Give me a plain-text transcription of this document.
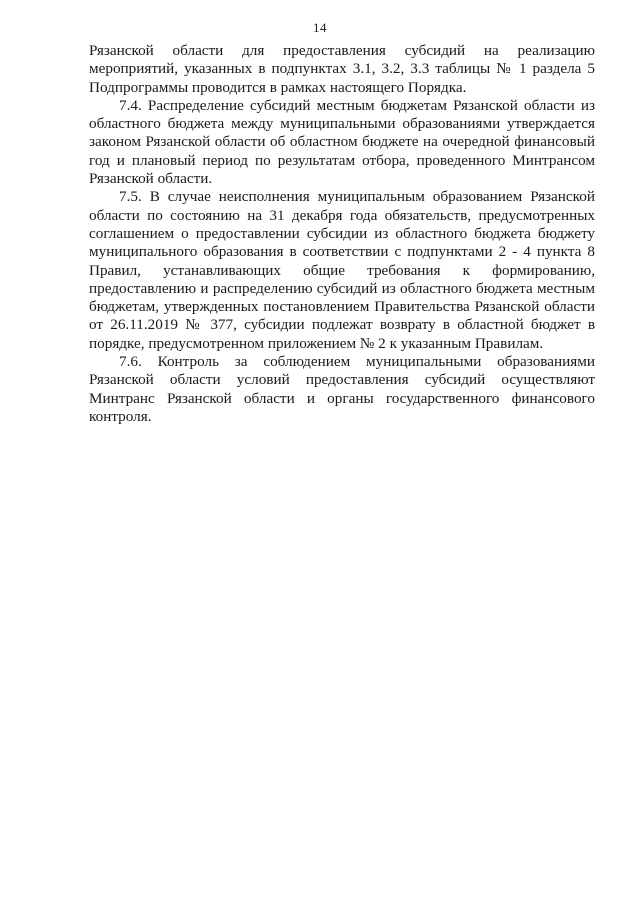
14

Рязанской области для предоставления субсидий на реализацию мероприятий, указанных в подпунктах 3.1, 3.2, 3.3 таблицы № 1 раздела 5 Подпрограммы проводится в рамках настоящего Порядка.

7.4. Распределение субсидий местным бюджетам Рязанской области из областного бюджета между муниципальными образованиями утверждается законом Рязанской области об областном бюджете на очередной финансовый год и плановый период по результатам отбора, проведенного Минтрансом Рязанской области.

7.5. В случае неисполнения муниципальным образованием Рязанской области по состоянию на 31 декабря года обязательств, предусмотренных соглашением о предоставлении субсидии из областного бюджета бюджету муниципального образования в соответствии с подпунктами 2 - 4 пункта 8 Правил, устанавливающих общие требования к формированию, предоставлению и распределению субсидий из областного бюджета местным бюджетам, утвержденных постановлением Правительства Рязанской области от 26.11.2019 № 377, субсидии подлежат возврату в областной бюджет в порядке, предусмотренном приложением № 2 к указанным Правилам.

7.6. Контроль за соблюдением муниципальными образованиями Рязанской области условий предоставления субсидий осуществляют Минтранс Рязанской области и органы государственного финансового контроля.
